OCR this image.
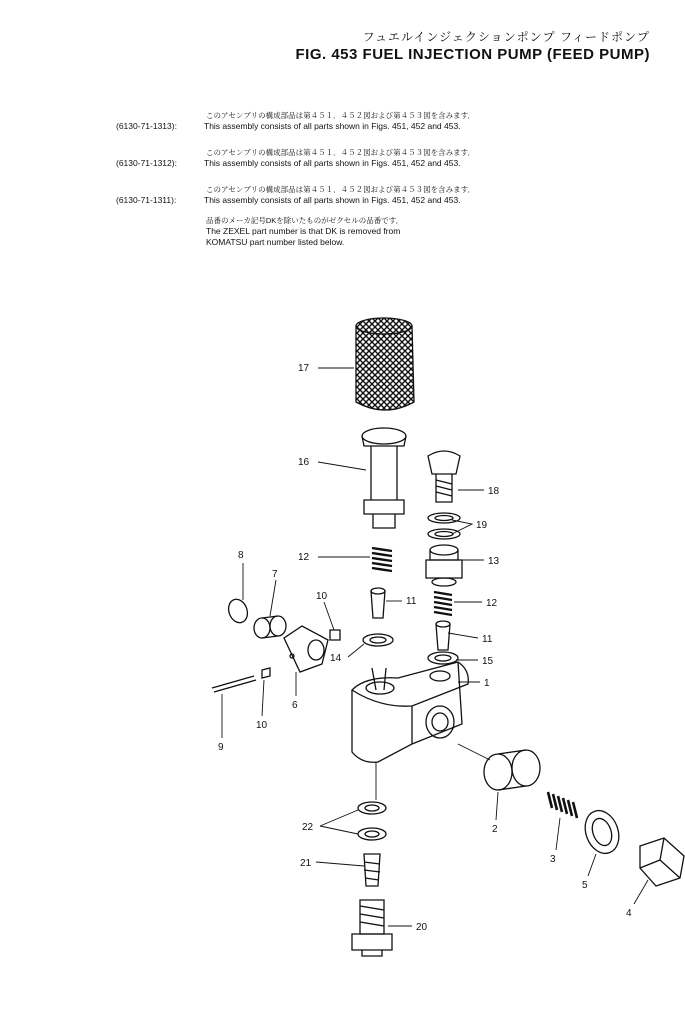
フュエルインジェクションポンプ フィードポンプ
FIG. 453 FUEL INJECTION PUMP (FEED PUMP)
このアセンブリの構成部品は第４５１．４５２図および第４５３図を含みます．
(6130-71-1313):	This assembly consists of all parts shown in Figs. 451, 452 and 453.
このアセンブリの構成部品は第４５１．４５２図および第４５３図を含みます．
(6130-71-1312):	This assembly consists of all parts shown in Figs. 451, 452 and 453.
このアセンブリの構成部品は第４５１．４５２図および第４５３図を含みます．
(6130-71-1311):	This assembly consists of all parts shown in Figs. 451, 452 and 453.
品番のメーカ記号DKを除いたものがゼクセルの品番です．
The ZEXEL part number is that DK is removed from
KOMATSU part number listed below.
17
16
18
19
13
12
8
7
10	11	12
14
11
15
1
6
10
9
2
22
21	3
5
4
20
